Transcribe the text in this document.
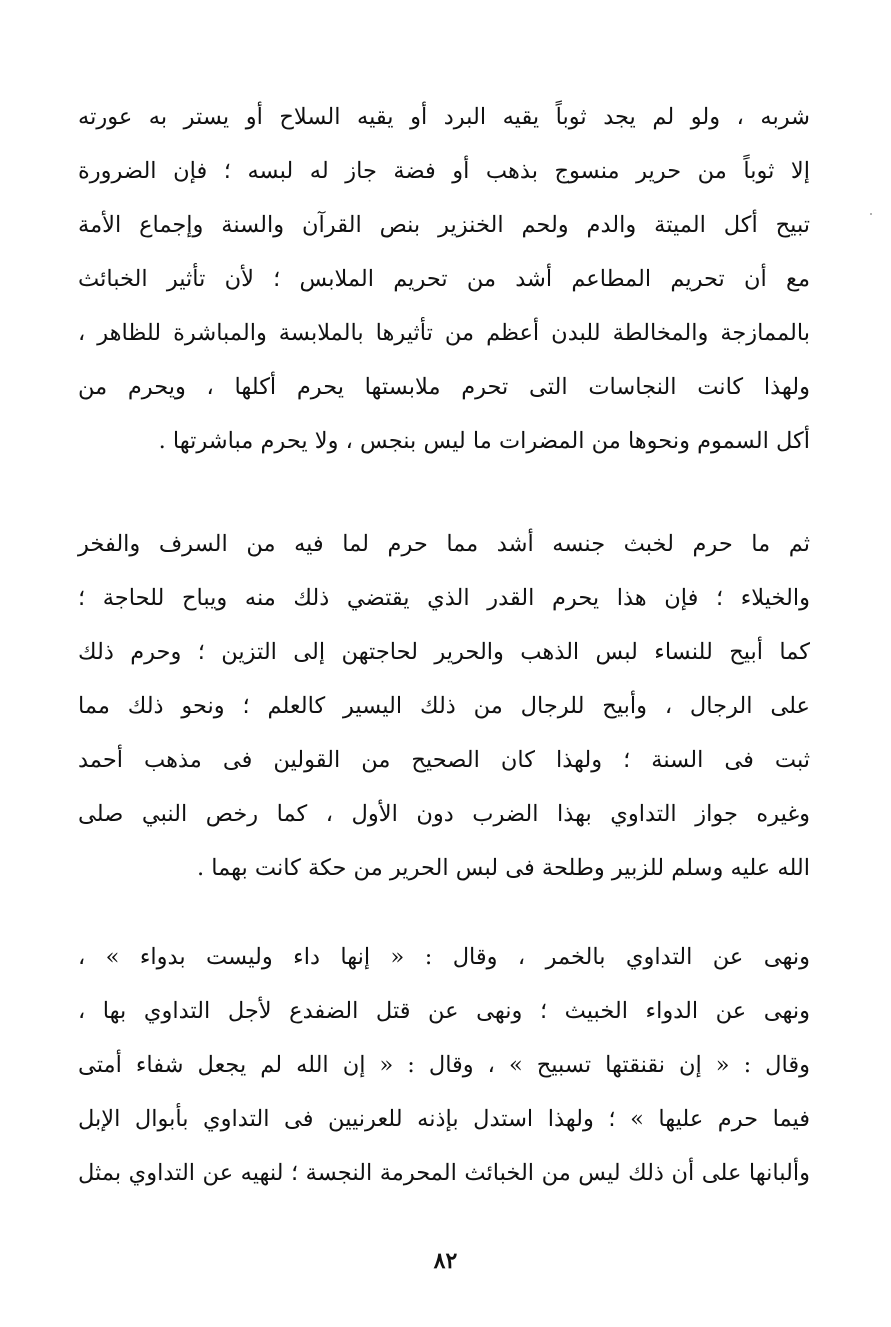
شربه ، ولو لم يجد ثوباً يقيه البرد أو يقيه السلاح أو يستر به عورته
إلا ثوباً من حرير منسوج بذهب أو فضة جاز له لبسه ؛ فإن الضرورة
تبيح أكل الميتة والدم ولحم الخنزير بنص القرآن والسنة وإجماع الأمة
مع أن تحريم المطاعم أشد من تحريم الملابس ؛ لأن تأثير الخبائث
بالممازجة والمخالطة للبدن أعظم من تأثيرها بالملابسة والمباشرة للظاهر ،
ولهذا كانت النجاسات التى تحرم ملابستها يحرم أكلها ، ويحرم من
أكل السموم ونحوها من المضرات ما ليس بنجس ، ولا يحرم مباشرتها .
ثم ما حرم لخبث جنسه أشد مما حرم لما فيه من السرف والفخر
والخيلاء ؛ فإن هذا يحرم القدر الذي يقتضي ذلك منه ويباح للحاجة ؛
كما أبيح للنساء لبس الذهب والحرير لحاجتهن إلى التزين ؛ وحرم ذلك
على الرجال ، وأبيح للرجال من ذلك اليسير كالعلم ؛ ونحو ذلك مما
ثبت فى السنة ؛ ولهذا كان الصحيح من القولين فى مذهب أحمد
وغيره جواز التداوي بهذا الضرب دون الأول ، كما رخص النبي صلى
الله عليه وسلم للزبير وطلحة فى لبس الحرير من حكة كانت بهما .
ونهى عن التداوي بالخمر ، وقال : « إنها داء وليست بدواء » ،
ونهى عن الدواء الخبيث ؛ ونهى عن قتل الضفدع لأجل التداوي بها ،
وقال : « إن نقنقتها تسبيح » ، وقال : « إن الله لم يجعل شفاء أمتى
فيما حرم عليها » ؛ ولهذا استدل بإذنه للعرنيين فى التداوي بأبوال الإبل
وألبانها على أن ذلك ليس من الخبائث المحرمة النجسة ؛ لنهيه عن التداوي بمثل
٨٢
